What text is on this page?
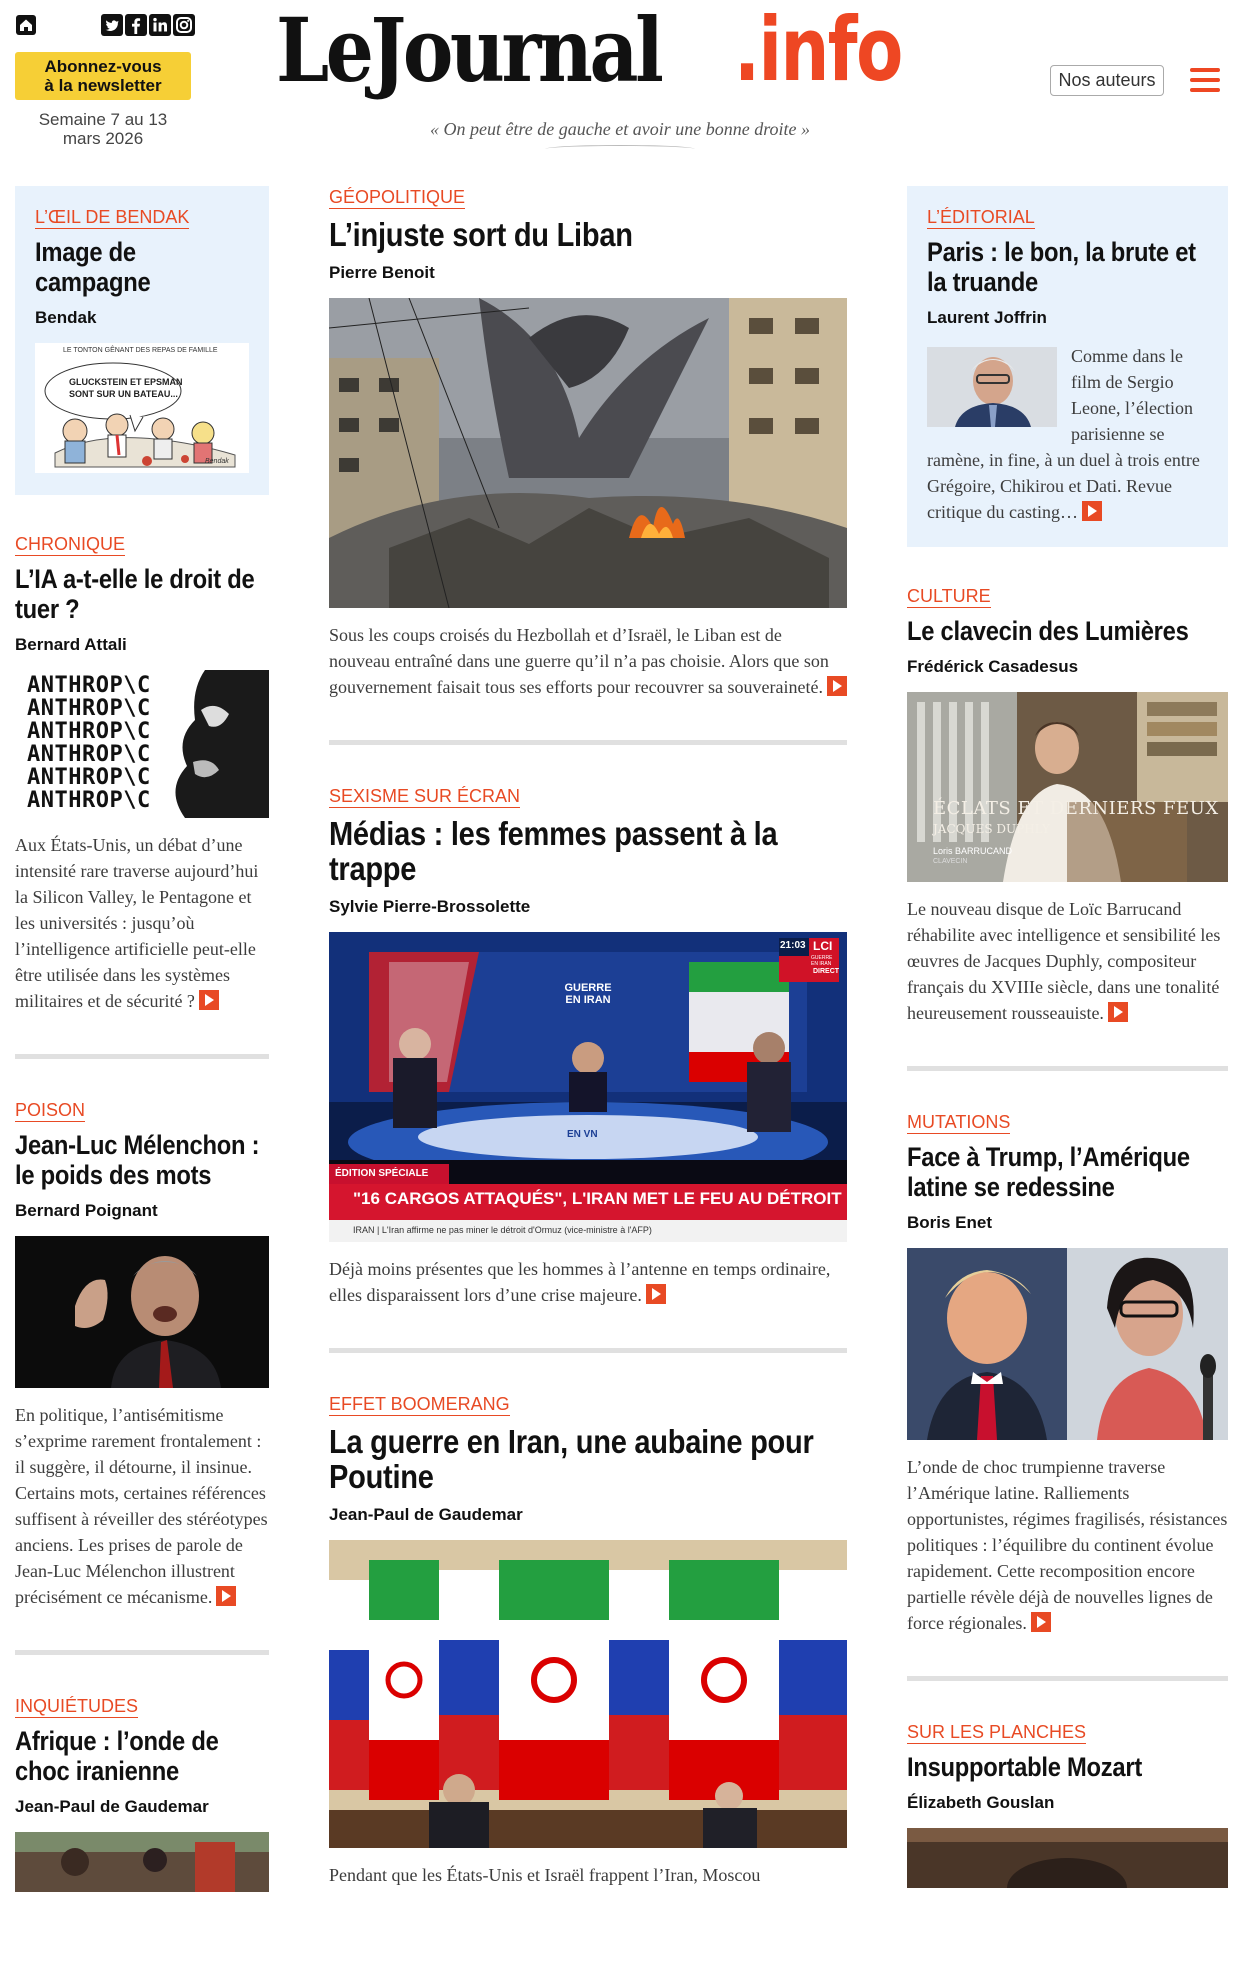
Abonnez-vous
à la newsletter
Semaine 7 au 13
mars 2026
LeJournal .info
« On peut être de gauche et avoir une bonne droite »
Nos auteurs
L’ŒIL DE BENDAK
Image de campagne
Bendak
LE TONTON GÊNANT DES REPAS DE FAMILLE
GLUCKSTEIN ET EPSMAN
SONT SUR UN BATEAU...
Bendak
CHRONIQUE
L’IA a-t-elle le droit de tuer ?
Bernard Attali
ANTHROP\C
ANTHROP\C
ANTHROP\C
ANTHROP\C
ANTHROP\C
ANTHROP\C
Aux États-Unis, un débat d’une intensité rare traverse aujourd’hui la Silicon Valley, le Pentagone et les universités : jusqu’où l’intelligence artificielle peut-elle être utilisée dans les systèmes militaires et de sécurité ?
POISON
Jean-Luc Mélenchon : le poids des mots
Bernard Poignant
En politique, l’antisémitisme s’exprime rarement frontalement : il suggère, il détourne, il insinue. Certains mots, certaines références suffisent à réveiller des stéréotypes anciens. Les prises de parole de Jean-Luc Mélenchon illustrent précisément ce mécanisme.
INQUIÉTUDES
Afrique : l’onde de choc iranienne
Jean-Paul de Gaudemar
GÉOPOLITIQUE
L’injuste sort du Liban
Pierre Benoit
Sous les coups croisés du Hezbollah et d’Israël, le Liban est de nouveau entraîné dans une guerre qu’il n’a pas choisie. Alors que son gouvernement faisait tous ses efforts pour recouvrer sa souveraineté.
SEXISME SUR ÉCRAN
Médias : les femmes passent à la trappe
Sylvie Pierre-Brossolette
GUERRE
EN IRAN
21:03 LCI
GUERRE EN IRAN
DIRECT
EN VN
ÉDITION SPÉCIALE
"16 CARGOS ATTAQUÉS", L'IRAN MET LE FEU AU DÉTROIT
IRAN | L'Iran affirme ne pas miner le détroit d'Ormuz (vice-ministre à l'AFP)
Déjà moins présentes que les hommes à l’antenne en temps ordinaire, elles disparaissent lors d’une crise majeure.
EFFET BOOMERANG
La guerre en Iran, une aubaine pour Poutine
Jean-Paul de Gaudemar
Pendant que les États-Unis et Israël frappent l’Iran, Moscou
L’ÉDITORIAL
Paris : le bon, la brute et la truande
Laurent Joffrin
Comme dans le film de Sergio Leone, l’élection parisienne se ramène, in fine, à un duel à trois entre Grégoire, Chikirou et Dati. Revue critique du casting…
CULTURE
Le clavecin des Lumières
Frédérick Casadesus
ÉCLATS ET DERNIERS FEUX
JACQUES DUPHLY
Loris BARRUCAND
CLAVECIN
Le nouveau disque de Loïc Barrucand réhabilite avec intelligence et sensibilité les œuvres de Jacques Duphly, compositeur français du XVIIIe siècle, dans une tonalité heureusement rousseauiste.
MUTATIONS
Face à Trump, l’Amérique latine se redessine
Boris Enet
L’onde de choc trumpienne traverse l’Amérique latine. Ralliements opportunistes, régimes fragilisés, résistances politiques : l’équilibre du continent évolue rapidement. Cette recomposition encore partielle révèle déjà de nouvelles lignes de force régionales.
SUR LES PLANCHES
Insupportable Mozart
Élizabeth Gouslan
